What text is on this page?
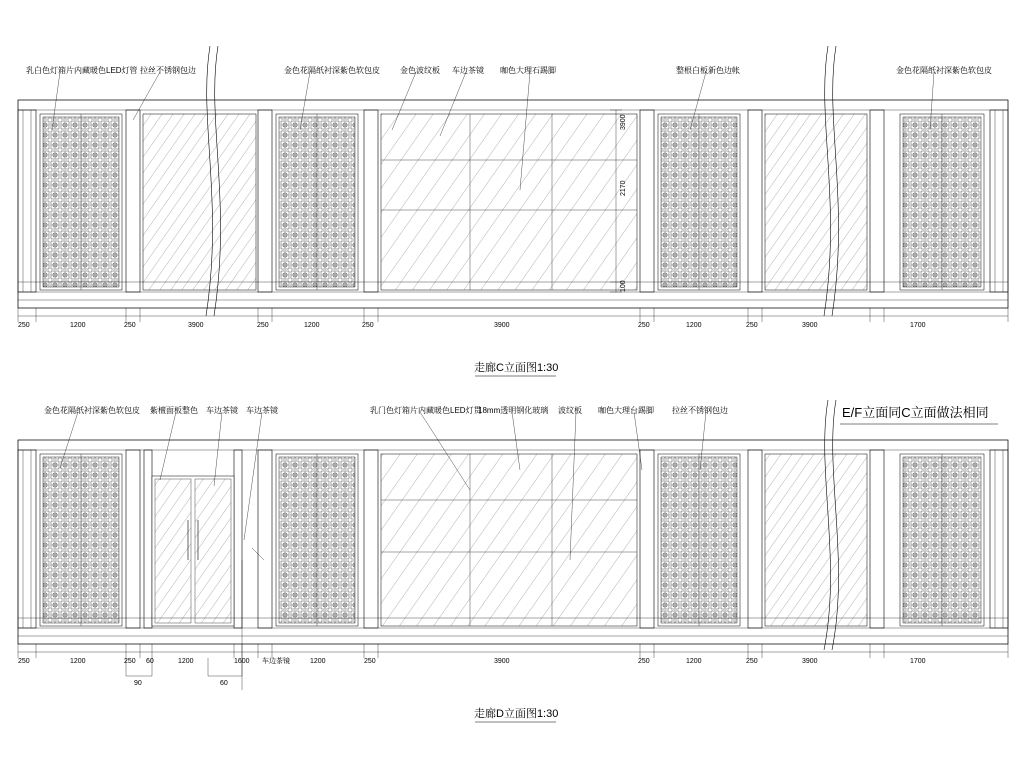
乳白色灯箱片内藏暖色LED灯管 拉丝不锈钢包边	金色花隔纸衬深紫色软包皮	金色波纹板 车边茶镜 咖色大理石踢脚	整根白板新色边帐	金色花隔纸衬深紫色软包皮
3900
2170
100
250	1200	250	3900	250	1200	250	3900	250	1200	250	3900	1700
走廊C立面图1:30
金色花隔纸衬深紫色软包皮 紫檀面板整色 车边茶镜 车边茶镜	乳门色灯箱片内藏暖色LED灯贯
18mm透明钢化玻璃 波纹板 咖色大理台踢脚 拉丝不锈钢包边
250	1200	250 60	1200	1600 车边茶镜	1200	250	3900	250	1200	250	3900	1700
90	60
走廊D立面图1:30
E/F立面同C立面做法相同
